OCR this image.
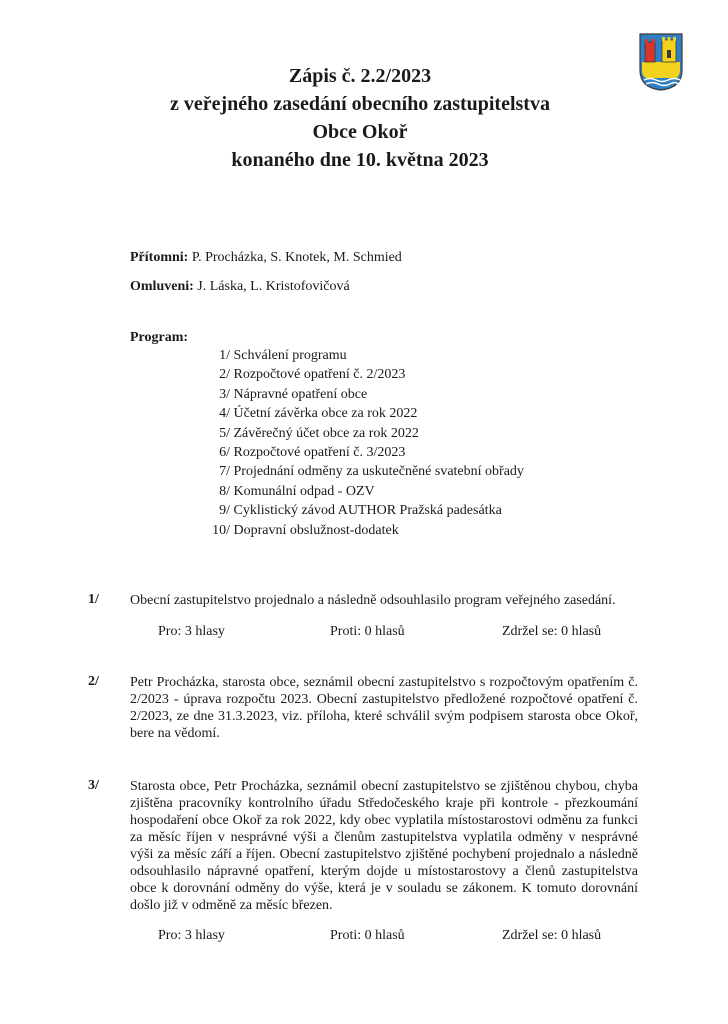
Zápis č. 2.2/2023

z veřejného zasedání obecního zastupitelstva

Obce Okoř

konaného dne 10. května 2023

Přítomni: P. Procházka, S. Knotek, M. Schmied
Omluveni: J. Láska, L. Kristofovičová
Program:
1/ Schválení programu
2/ Rozpočtové opatření č. 2/2023
3/ Nápravné opatření obce
4/ Účetní závěrka obce za rok 2022
5/ Závěrečný účet obce za rok 2022
6/ Rozpočtové opatření č. 3/2023
7/ Projednání odměny za uskutečněné svatební obřady
8/ Komunální odpad - OZV
9/ Cyklistický závod AUTHOR Pražská padesátka
10/ Dopravní obslužnost-dodatek
1/ Obecní zastupitelstvo projednalo a následně odsouhlasilo program veřejného zasedání.

Pro: 3 hlasy	Proti: 0 hlasů	Zdržel se: 0 hlasů
2/ Petr Procházka, starosta obce, seznámil obecní zastupitelstvo s rozpočtovým opatřením č. 2/2023 - úprava rozpočtu 2023. Obecní zastupitelstvo předložené rozpočtové opatření č. 2/2023, ze dne 31.3.2023, viz. příloha, které schválil svým podpisem starosta obce Okoř, bere na vědomí.

3/ Starosta obce, Petr Procházka, seznámil obecní zastupitelstvo se zjištěnou chybou, chyba zjištěna pracovníky kontrolního úřadu Středočeského kraje při kontrole - přezkoumání hospodaření obce Okoř za rok 2022, kdy obec vyplatila místostarostovi odměnu za funkci za měsíc říjen v nesprávné výši a členům zastupitelstva vyplatila odměny v nesprávné výši za měsíc září a říjen. Obecní zastupitelstvo zjištěné pochybení projednalo a následně odsouhlasilo nápravné opatření, kterým dojde u místostarostovy a členů zastupitelstva obce k dorovnání odměny do výše, která je v souladu se zákonem. K tomuto dorovnání došlo již v odměně za měsíc březen.

Pro: 3 hlasy	Proti: 0 hlasů	Zdržel se: 0 hlasů
